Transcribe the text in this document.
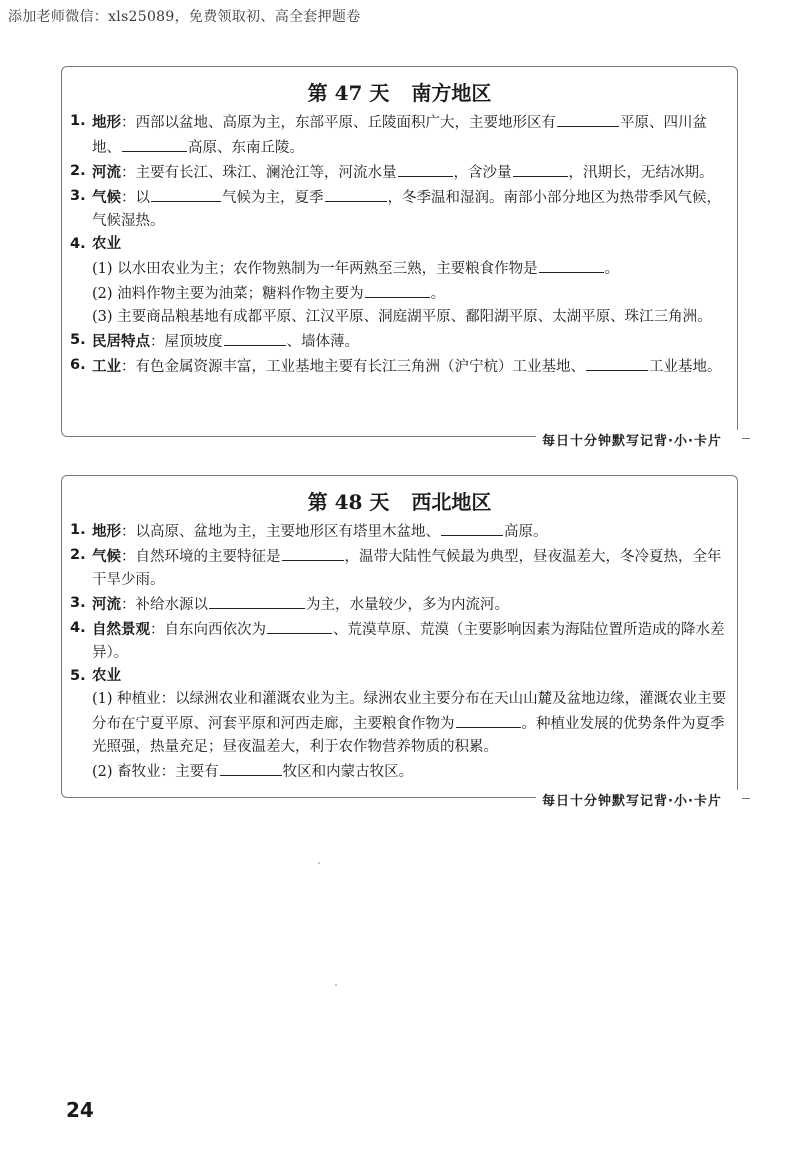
添加老师微信：xls25089，免费领取初、高全套押题卷
第 47 天 南方地区
1. 地形：西部以盆地、高原为主，东部平原、丘陵面积广大，主要地形区有	平原、四川盆地、	高原、东南丘陵。
2. 河流：主要有长江、珠江、澜沧江等，河流水量	，含沙量	，汛期长，无结冰期。
3. 气候：以	气候为主，夏季	，冬季温和湿润。南部小部分地区为热带季风气候，气候湿热。
4. 农业
(1) 以水田农业为主；农作物熟制为一年两熟至三熟，主要粮食作物是	。
(2) 油料作物主要为油菜；糖料作物主要为	。
(3) 主要商品粮基地有成都平原、江汉平原、洞庭湖平原、鄱阳湖平原、太湖平原、珠江三角洲。
5. 民居特点：屋顶坡度	、墙体薄。
6. 工业：有色金属资源丰富，工业基地主要有长江三角洲（沪宁杭）工业基地、	工业基地。
每日十分钟默写记背·小·卡片
第 48 天 西北地区
1. 地形：以高原、盆地为主，主要地形区有塔里木盆地、	高原。
2. 气候：自然环境的主要特征是	，温带大陆性气候最为典型，昼夜温差大，冬冷夏热，全年干旱少雨。
3. 河流：补给水源以	为主，水量较少，多为内流河。
4. 自然景观：自东向西依次为	、荒漠草原、荒漠（主要影响因素为海陆位置所造成的降水差异）。
5. 农业
(1) 种植业：以绿洲农业和灌溉农业为主。绿洲农业主要分布在天山山麓及盆地边缘，灌溉农业主要分布在宁夏平原、河套平原和河西走廊，主要粮食作物为	。种植业发展的优势条件为夏季光照强，热量充足；昼夜温差大，利于农作物营养物质的积累。
(2) 畜牧业：主要有	牧区和内蒙古牧区。
每日十分钟默写记背·小·卡片
24
